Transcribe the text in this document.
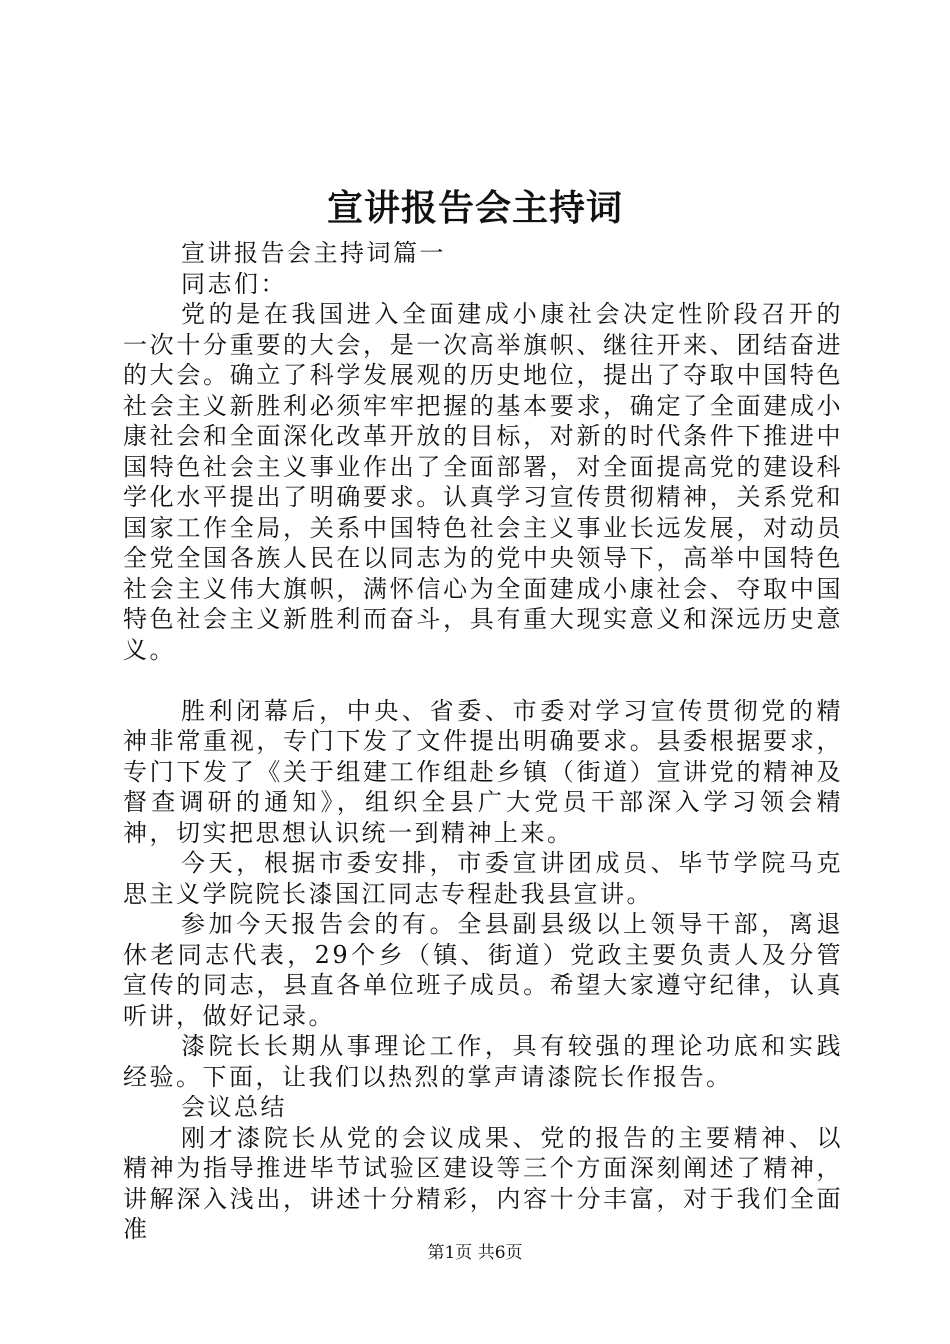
宣讲报告会主持词

宣讲报告会主持词篇一

同志们：

党的是在我国进入全面建成小康社会决定性阶段召开的一次十分重要的大会，是一次高举旗帜、继往开来、团结奋进的大会。确立了科学发展观的历史地位，提出了夺取中国特色社会主义新胜利必须牢牢把握的基本要求，确定了全面建成小康社会和全面深化改革开放的目标，对新的时代条件下推进中国特色社会主义事业作出了全面部署，对全面提高党的建设科学化水平提出了明确要求。认真学习宣传贯彻精神，关系党和国家工作全局，关系中国特色社会主义事业长远发展，对动员全党全国各族人民在以同志为的党中央领导下，高举中国特色社会主义伟大旗帜，满怀信心为全面建成小康社会、夺取中国特色社会主义新胜利而奋斗，具有重大现实意义和深远历史意义。

胜利闭幕后，中央、省委、市委对学习宣传贯彻党的精神非常重视，专门下发了文件提出明确要求。县委根据要求，专门下发了《关于组建工作组赴乡镇（街道）宣讲党的精神及督查调研的通知》，组织全县广大党员干部深入学习领会精神，切实把思想认识统一到精神上来。

今天，根据市委安排，市委宣讲团成员、毕节学院马克思主义学院院长漆国江同志专程赴我县宣讲。

参加今天报告会的有。全县副县级以上领导干部，离退休老同志代表，29个乡（镇、街道）党政主要负责人及分管宣传的同志，县直各单位班子成员。希望大家遵守纪律，认真听讲，做好记录。

漆院长长期从事理论工作，具有较强的理论功底和实践经验。下面，让我们以热烈的掌声请漆院长作报告。

会议总结

刚才漆院长从党的会议成果、党的报告的主要精神、以精神为指导推进毕节试验区建设等三个方面深刻阐述了精神，讲解深入浅出，讲述十分精彩，内容十分丰富，对于我们全面准

第1页 共6页
